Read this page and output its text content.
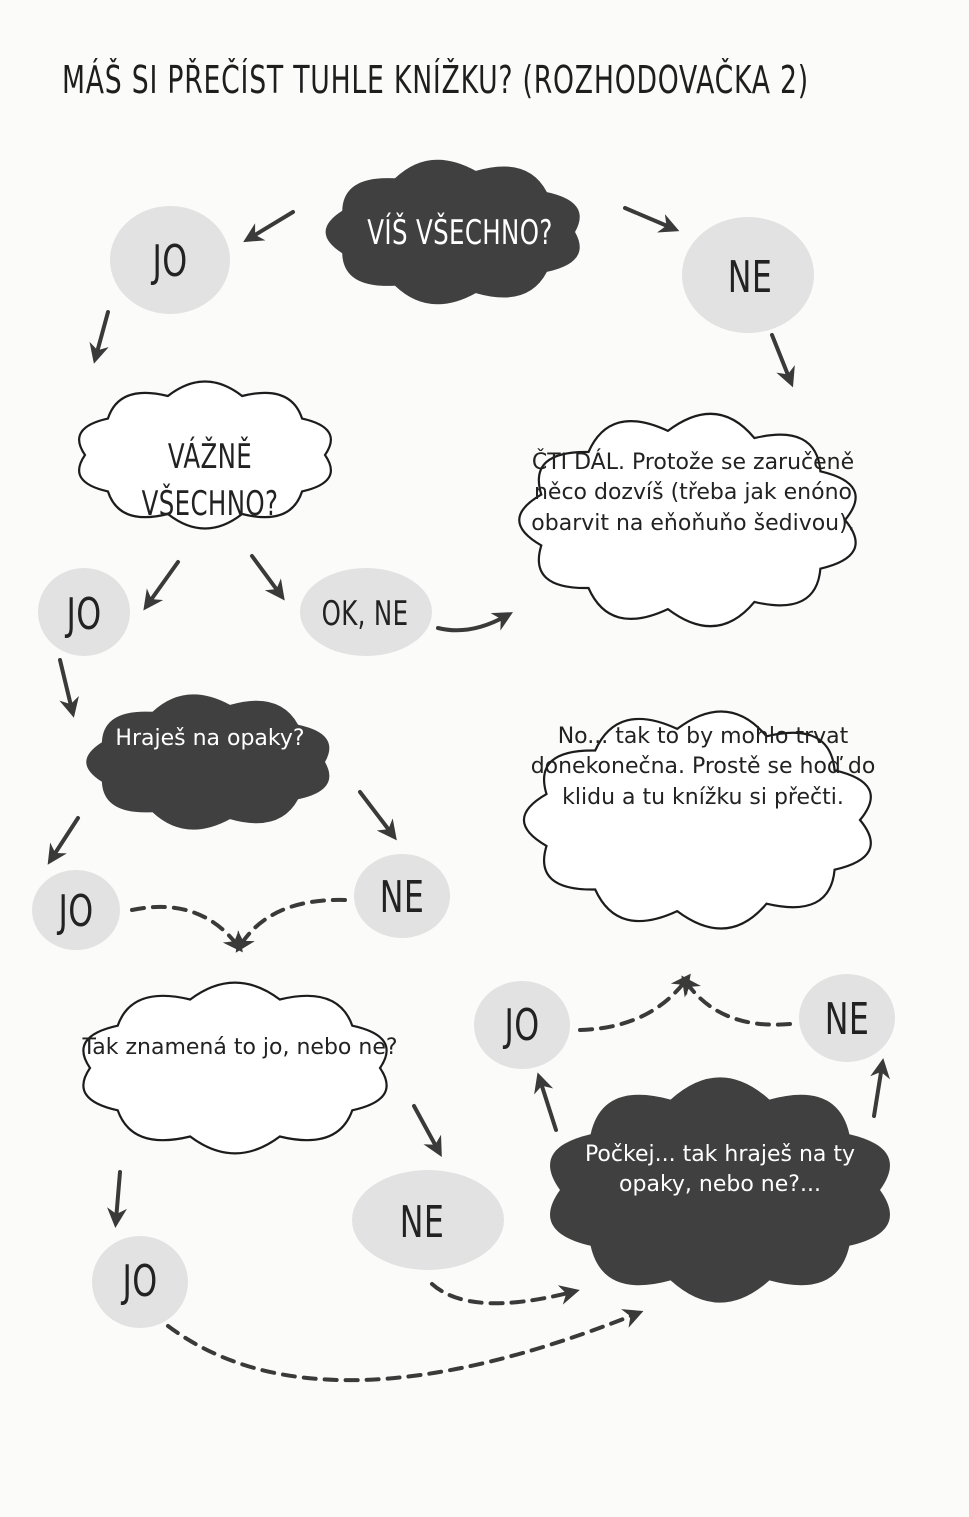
MÁŠ SI PŘEČÍST TUHLE KNÍŽKU? (ROZHODOVAČKA 2)
VÍŠ VŠECHNO?
JO	NE
VÁŽNĚ VŠECHNO?
JO	OK, NE
ČTI DÁL. Protože se zaručeně něco dozvíš (třeba jak enóno obarvit na eňoňuňo šedivou).
Hraješ na opaky?
JO	NE
No... tak to by mohlo trvat donekonečna. Prostě se hoď do klidu a tu knížku si přečti.
Tak znamená to jo, nebo ne?	JO	NE
NE
JO
Počkej... tak hraješ na ty opaky, nebo ne?...
